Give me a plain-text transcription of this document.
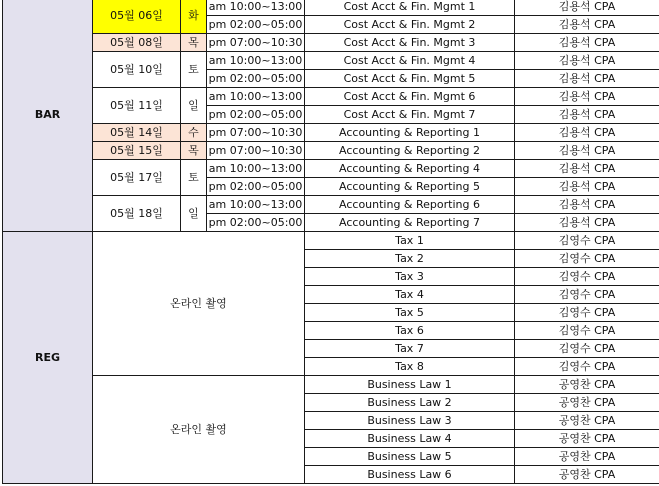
BAR	05월 06일	화	am 10:00~13:00	Cost Acct & Fin. Mgmt 1	김용석 CPA
			pm 02:00~05:00	Cost Acct & Fin. Mgmt 2	김용석 CPA
	05월 08일	목	pm 07:00~10:30	Cost Acct & Fin. Mgmt 3	김용석 CPA
	05월 10일	토	am 10:00~13:00	Cost Acct & Fin. Mgmt 4	김용석 CPA
			pm 02:00~05:00	Cost Acct & Fin. Mgmt 5	김용석 CPA
	05월 11일	일	am 10:00~13:00	Cost Acct & Fin. Mgmt 6	김용석 CPA
			pm 02:00~05:00	Cost Acct & Fin. Mgmt 7	김용석 CPA
	05월 14일	수	pm 07:00~10:30	Accounting & Reporting 1	김용석 CPA
	05월 15일	목	pm 07:00~10:30	Accounting & Reporting 2	김용석 CPA
	05월 17일	토	am 10:00~13:00	Accounting & Reporting 4	김용석 CPA
			pm 02:00~05:00	Accounting & Reporting 5	김용석 CPA
	05월 18일	일	am 10:00~13:00	Accounting & Reporting 6	김용석 CPA
			pm 02:00~05:00	Accounting & Reporting 7	김용석 CPA
REG	온라인 촬영			Tax 1	김영수 CPA
				Tax 2	김영수 CPA
				Tax 3	김영수 CPA
				Tax 4	김영수 CPA
				Tax 5	김영수 CPA
				Tax 6	김영수 CPA
				Tax 7	김영수 CPA
				Tax 8	김영수 CPA
	온라인 촬영			Business Law 1	공영찬 CPA
				Business Law 2	공영찬 CPA
				Business Law 3	공영찬 CPA
				Business Law 4	공영찬 CPA
				Business Law 5	공영찬 CPA
				Business Law 6	공영찬 CPA
